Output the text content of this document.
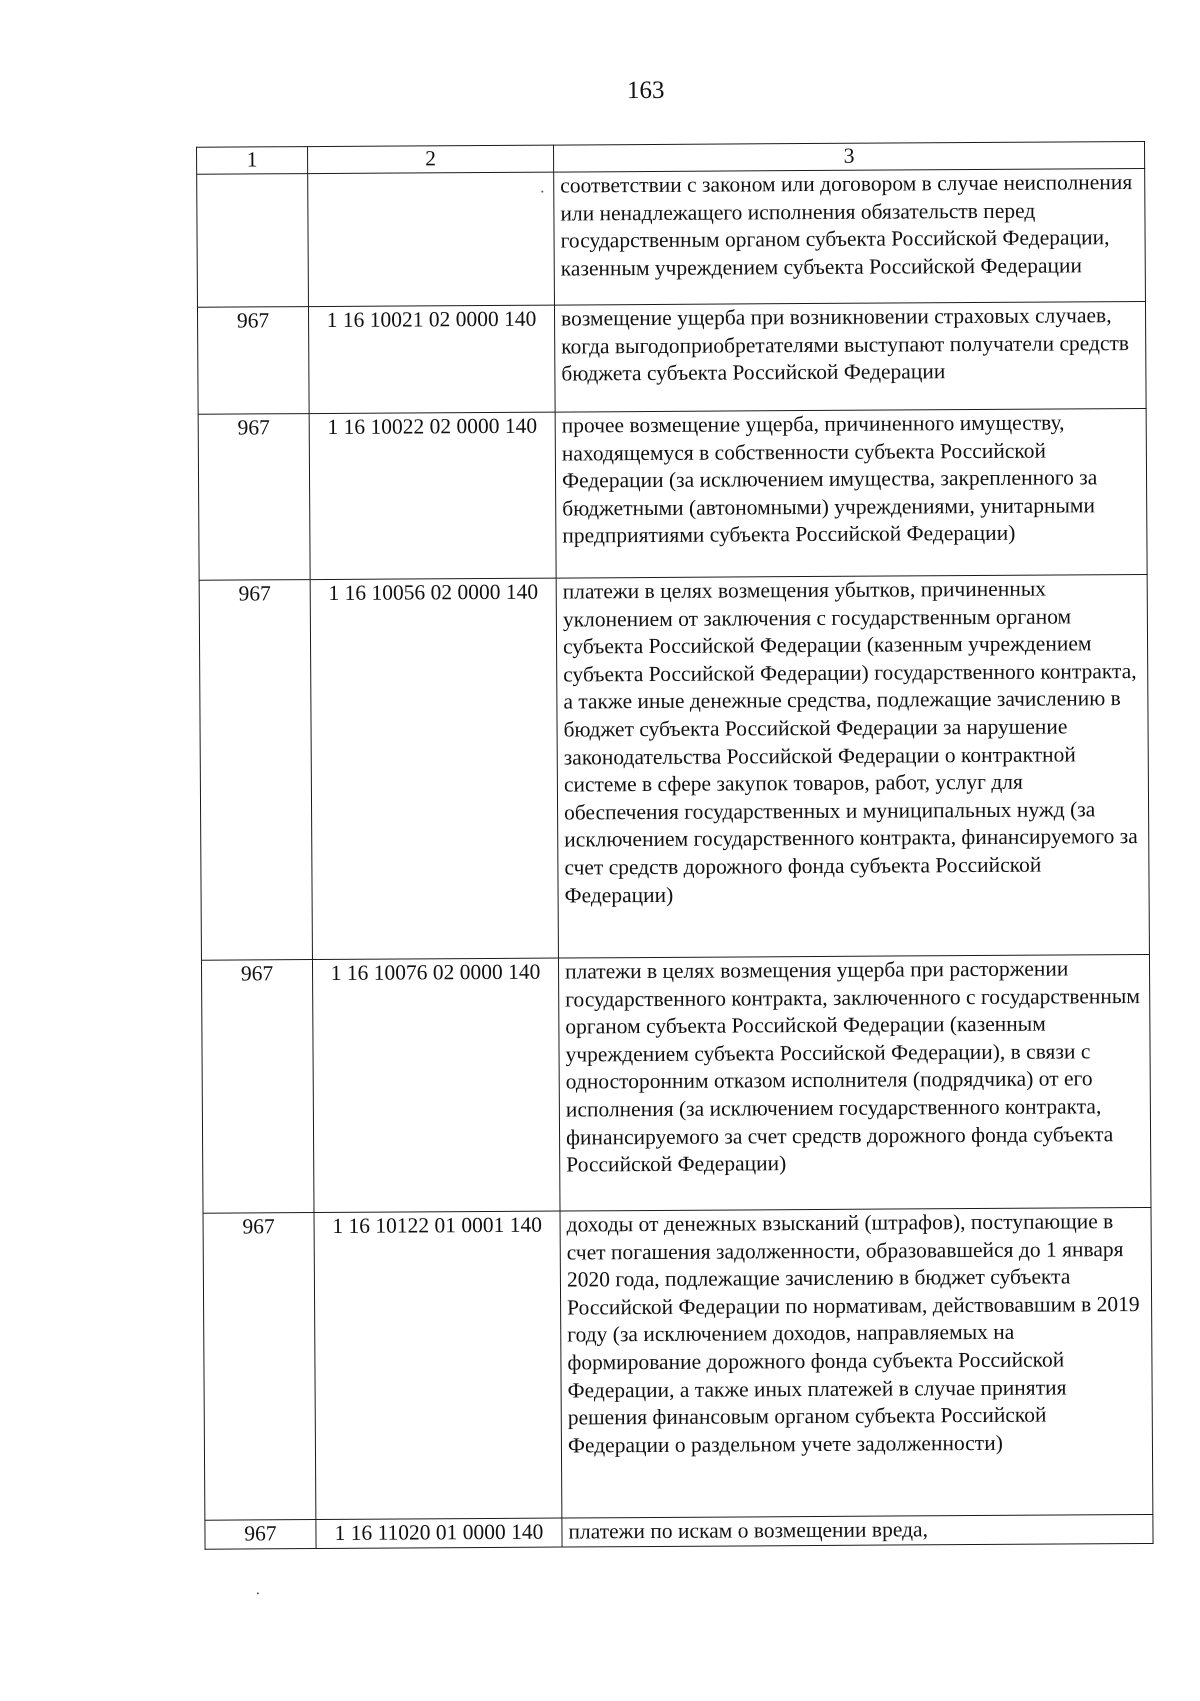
163
1	2	3
		соответствии с законом или договором в случае неисполнения или ненадлежащего исполнения обязательств перед государственным органом субъекта Российской Федерации, казенным учреждением субъекта Российской Федерации
967	1 16 10021 02 0000 140	возмещение ущерба при возникновении страховых случаев, когда выгодоприобретателями выступают получатели средств бюджета субъекта Российской Федерации
967	1 16 10022 02 0000 140	прочее возмещение ущерба, причиненного имуществу, находящемуся в собственности субъекта Российской Федерации (за исключением имущества, закрепленного за бюджетными (автономными) учреждениями, унитарными предприятиями субъекта Российской Федерации)
967	1 16 10056 02 0000 140	платежи в целях возмещения убытков, причиненных уклонением от заключения с государственным органом субъекта Российской Федерации (казенным учреждением субъекта Российской Федерации) государственного контракта, а также иные денежные средства, подлежащие зачислению в бюджет субъекта Российской Федерации за нарушение законодательства Российской Федерации о контрактной системе в сфере закупок товаров, работ, услуг для обеспечения государственных и муниципальных нужд (за исключением государственного контракта, финансируемого за счет средств дорожного фонда субъекта Российской Федерации)
967	1 16 10076 02 0000 140	платежи в целях возмещения ущерба при расторжении государственного контракта, заключенного с государственным органом субъекта Российской Федерации (казенным учреждением субъекта Российской Федерации), в связи с односторонним отказом исполнителя (подрядчика) от его исполнения (за исключением государственного контракта, финансируемого за счет средств дорожного фонда субъекта Российской Федерации)
967	1 16 10122 01 0001 140	доходы от денежных взысканий (штрафов), поступающие в счет погашения задолженности, образовавшейся до 1 января 2020 года, подлежащие зачислению в бюджет субъекта Российской Федерации по нормативам, действовавшим в 2019 году (за исключением доходов, направляемых на формирование дорожного фонда субъекта Российской Федерации, а также иных платежей в случае принятия решения финансовым органом субъекта Российской Федерации о раздельном учете задолженности)
967	1 16 11020 01 0000 140	платежи по искам о возмещении вреда,
